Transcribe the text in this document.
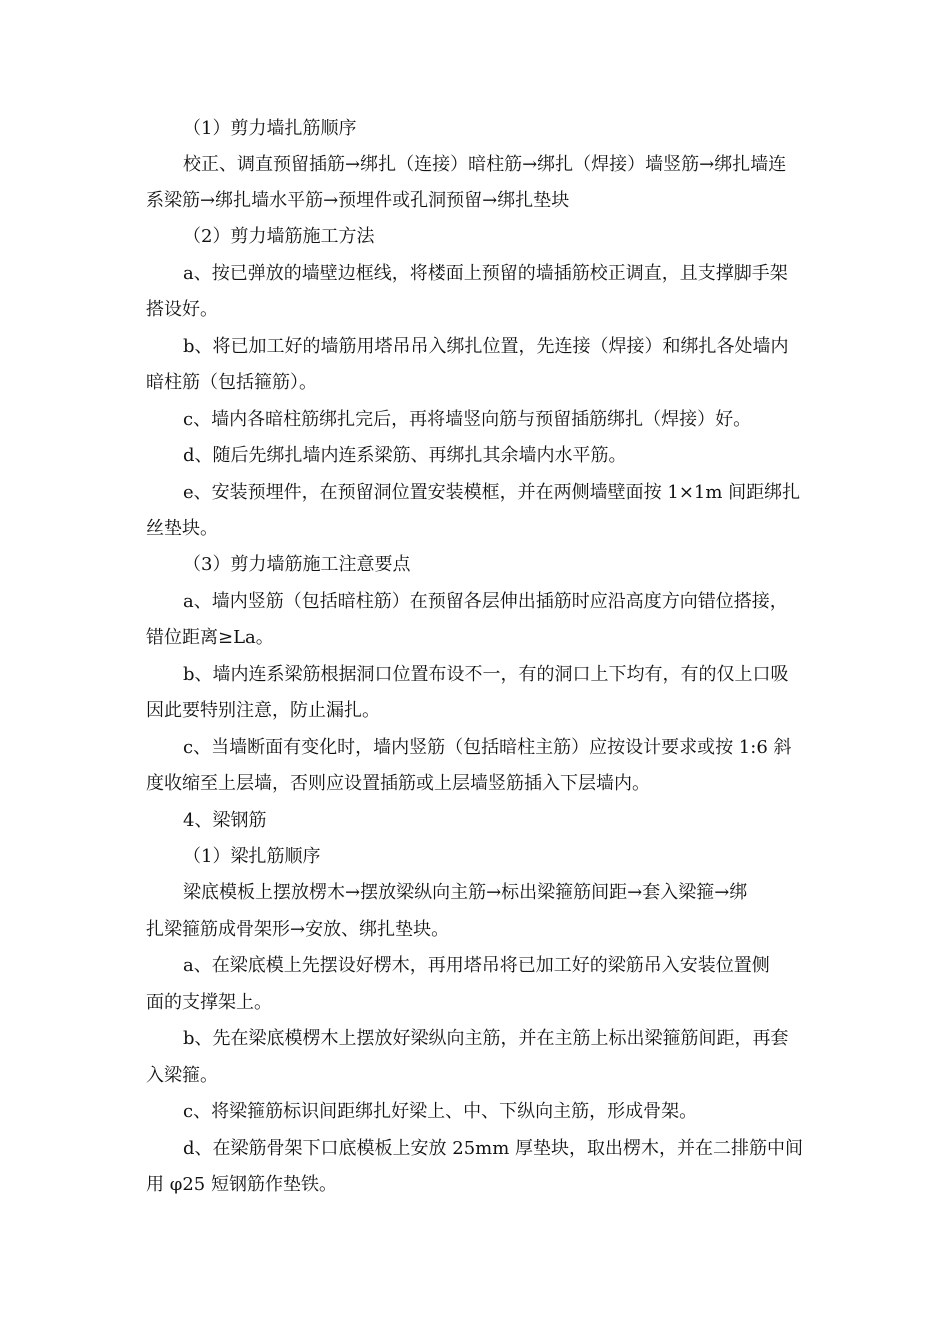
（1）剪力墙扎筋顺序
校正、调直预留插筋→绑扎（连接）暗柱筋→绑扎（焊接）墙竖筋→绑扎墙连
系梁筋→绑扎墙水平筋→预埋件或孔洞预留→绑扎垫块
（2）剪力墙筋施工方法
a、按已弹放的墙壁边框线，将楼面上预留的墙插筋校正调直，且支撑脚手架
搭设好。
b、将已加工好的墙筋用塔吊吊入绑扎位置，先连接（焊接）和绑扎各处墙内
暗柱筋（包括箍筋）。
c、墙内各暗柱筋绑扎完后，再将墙竖向筋与预留插筋绑扎（焊接）好。
d、随后先绑扎墙内连系梁筋、再绑扎其余墙内水平筋。
e、安装预埋件，在预留洞位置安装模框，并在两侧墙壁面按 1×1m 间距绑扎
丝垫块。
（3）剪力墙筋施工注意要点
a、墙内竖筋（包括暗柱筋）在预留各层伸出插筋时应沿高度方向错位搭接，
错位距离≥La。
b、墙内连系梁筋根据洞口位置布设不一，有的洞口上下均有，有的仅上口吸
因此要特别注意，防止漏扎。
c、当墙断面有变化时，墙内竖筋（包括暗柱主筋）应按设计要求或按 1:6 斜
度收缩至上层墙，否则应设置插筋或上层墙竖筋插入下层墙内。
4、梁钢筋
（1）梁扎筋顺序
梁底模板上摆放楞木→摆放梁纵向主筋→标出梁箍筋间距→套入梁箍→绑
扎梁箍筋成骨架形→安放、绑扎垫块。
a、在梁底模上先摆设好楞木，再用塔吊将已加工好的梁筋吊入安装位置侧
面的支撑架上。
b、先在梁底模楞木上摆放好梁纵向主筋，并在主筋上标出梁箍筋间距，再套
入梁箍。
c、将梁箍筋标识间距绑扎好梁上、中、下纵向主筋，形成骨架。
d、在梁筋骨架下口底模板上安放 25mm 厚垫块，取出楞木，并在二排筋中间
用 φ25 短钢筋作垫铁。
